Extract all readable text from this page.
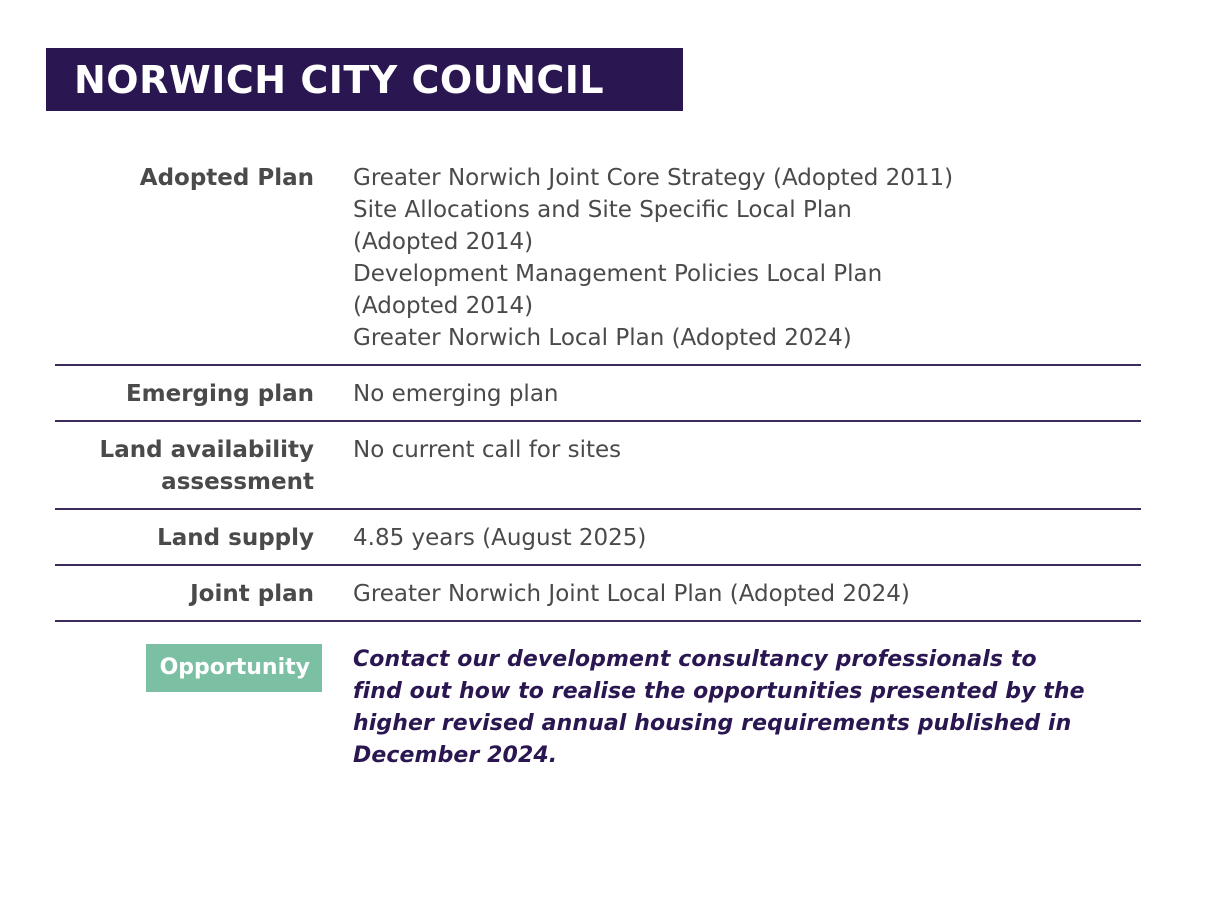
NORWICH CITY COUNCIL
Adopted Plan Greater Norwich Joint Core Strategy (Adopted 2011)
Site Allocations and Site Specific Local Plan
(Adopted 2014)
Development Management Policies Local Plan
(Adopted 2014)
Greater Norwich Local Plan (Adopted 2024)
Emerging plan No emerging plan
Land availability
assessment
No current call for sites
Land supply 4.85 years (August 2025)
Joint plan Greater Norwich Joint Local Plan (Adopted 2024)
Opportunity	Contact our development consultancy professionals to
find out how to realise the opportunities presented by the
higher revised annual housing requirements published in
December 2024.
